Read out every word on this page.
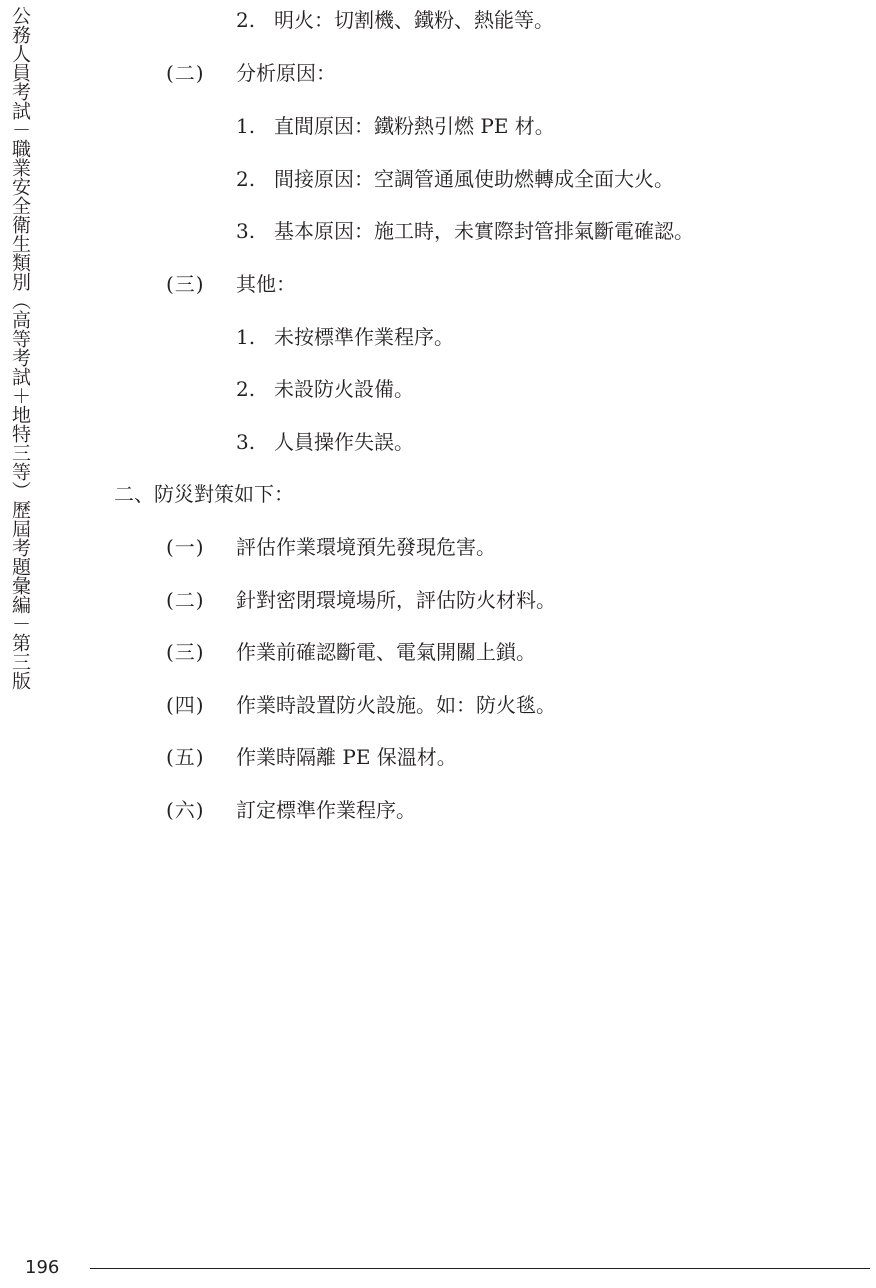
公務人員考試－職業安全衛生類別（高等考試＋地特三等）歷屆考題彙編－第三版	2. 明火：切割機、鐵粉、熱能等。
(二) 分析原因：
1. 直間原因：鐵粉熱引燃 PE 材。
2. 間接原因：空調管通風使助燃轉成全面大火。
3. 基本原因：施工時，未實際封管排氣斷電確認。
(三) 其他：
1. 未按標準作業程序。
2. 未設防火設備。
3. 人員操作失誤。
二、防災對策如下：
(一) 評估作業環境預先發現危害。
(二) 針對密閉環境場所，評估防火材料。
(三) 作業前確認斷電、電氣開關上鎖。
(四) 作業時設置防火設施。如：防火毯。
(五) 作業時隔離 PE 保溫材。
(六) 訂定標準作業程序。
196
